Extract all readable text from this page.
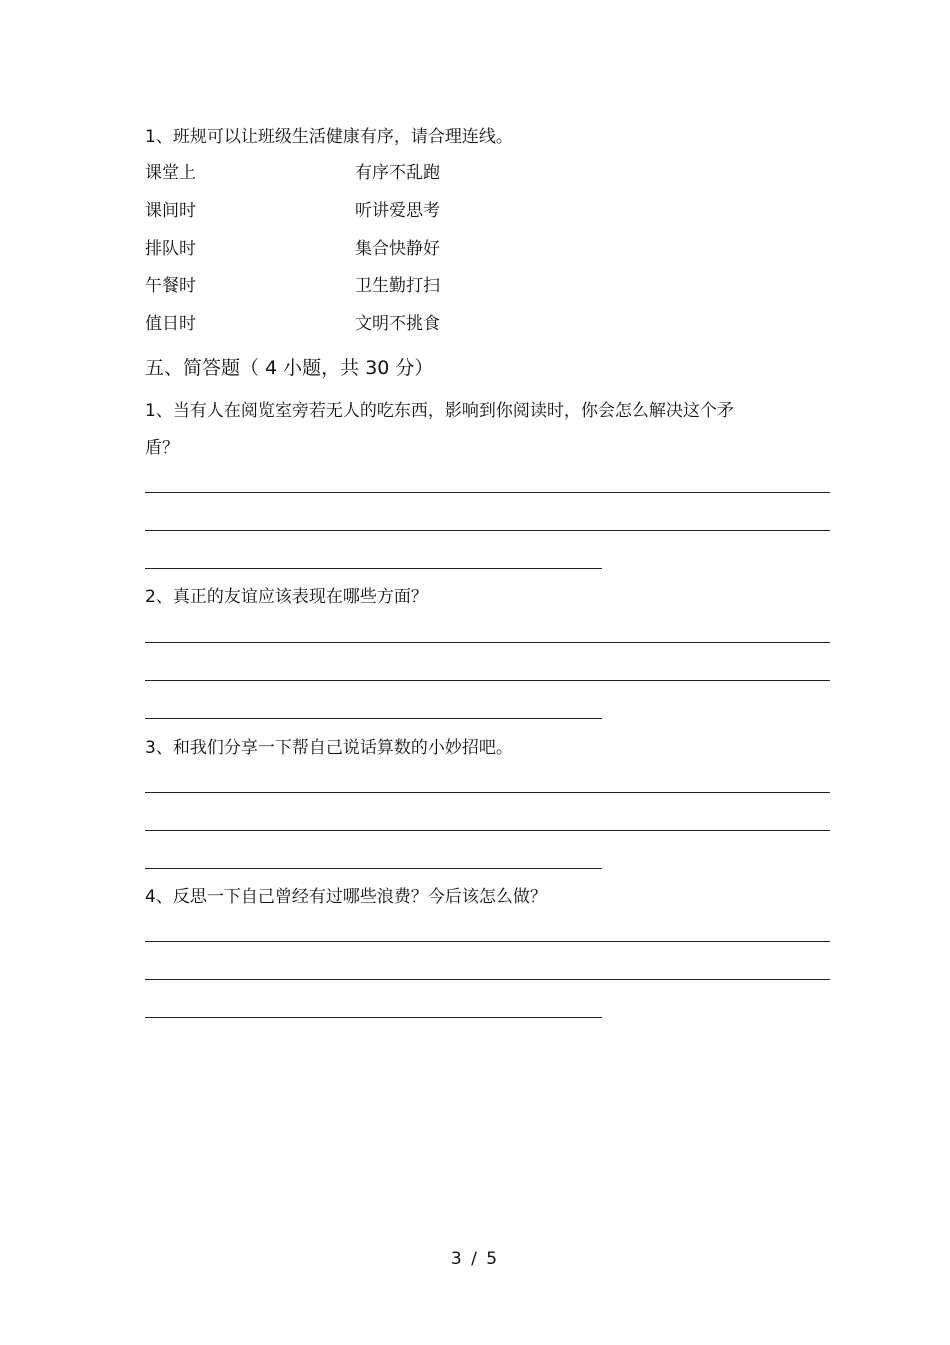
1、班规可以让班级生活健康有序，请合理连线。
课堂上	有序不乱跑
课间时	听讲爱思考
排队时	集合快静好
午餐时	卫生勤打扫
值日时	文明不挑食
五、简答题（ 4 小题，共 30 分）
1、当有人在阅览室旁若无人的吃东西，影响到你阅读时，你会怎么解决这个矛
盾？
2、真正的友谊应该表现在哪些方面？
3、和我们分享一下帮自己说话算数的小妙招吧。
4、反思一下自己曾经有过哪些浪费？今后该怎么做？
3 / 5
